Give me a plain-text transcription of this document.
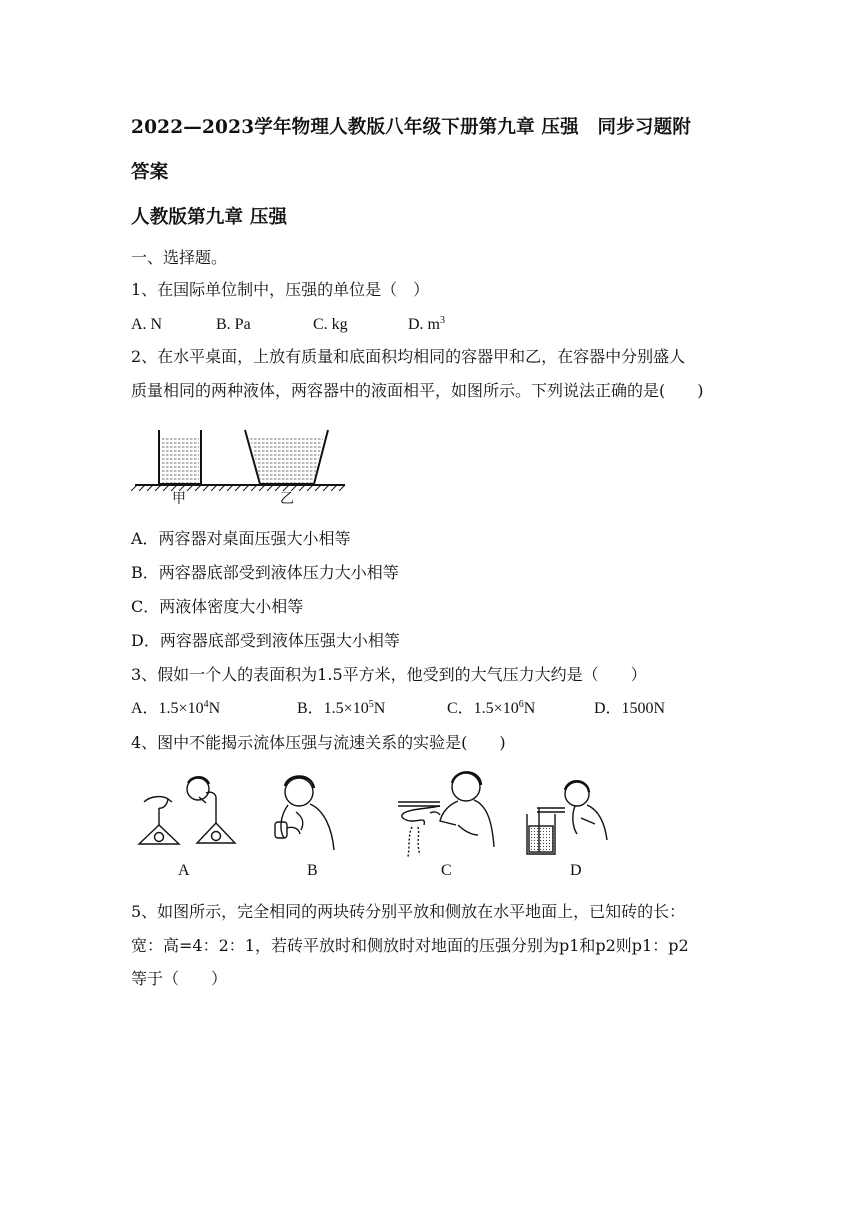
2022—2023学年物理人教版八年级下册第九章 压强　同步习题附
答案
人教版第九章 压强
一、选择题。
1、在国际单位制中，压强的单位是（　）
A. N	B. Pa	C. kg	D. $m^3$
2、在水平桌面，上放有质量和底面积均相同的容器甲和乙，在容器中分别盛人
质量相同的两种液体，两容器中的液面相平，如图所示。下列说法正确的是(　　)
甲	乙
A．两容器对桌面压强大小相等
B．两容器底部受到液体压力大小相等
C．两液体密度大小相等
D．两容器底部受到液体压强大小相等
3、假如一个人的表面积为1.5平方米，他受到的大气压力大约是（　　）
A．$1.5\times 10^4N$	B．$1.5\times 10^5N$	C．$1.5\times 10^6N$	D．1500N
4、图中不能揭示流体压强与流速关系的实验是(　　)
A	B	C	D
5、如图所示，完全相同的两块砖分别平放和侧放在水平地面上，已知砖的长：
宽：高=4：2：1，若砖平放时和侧放时对地面的压强分别为p1和p2则p1：p2
等于（　　）
